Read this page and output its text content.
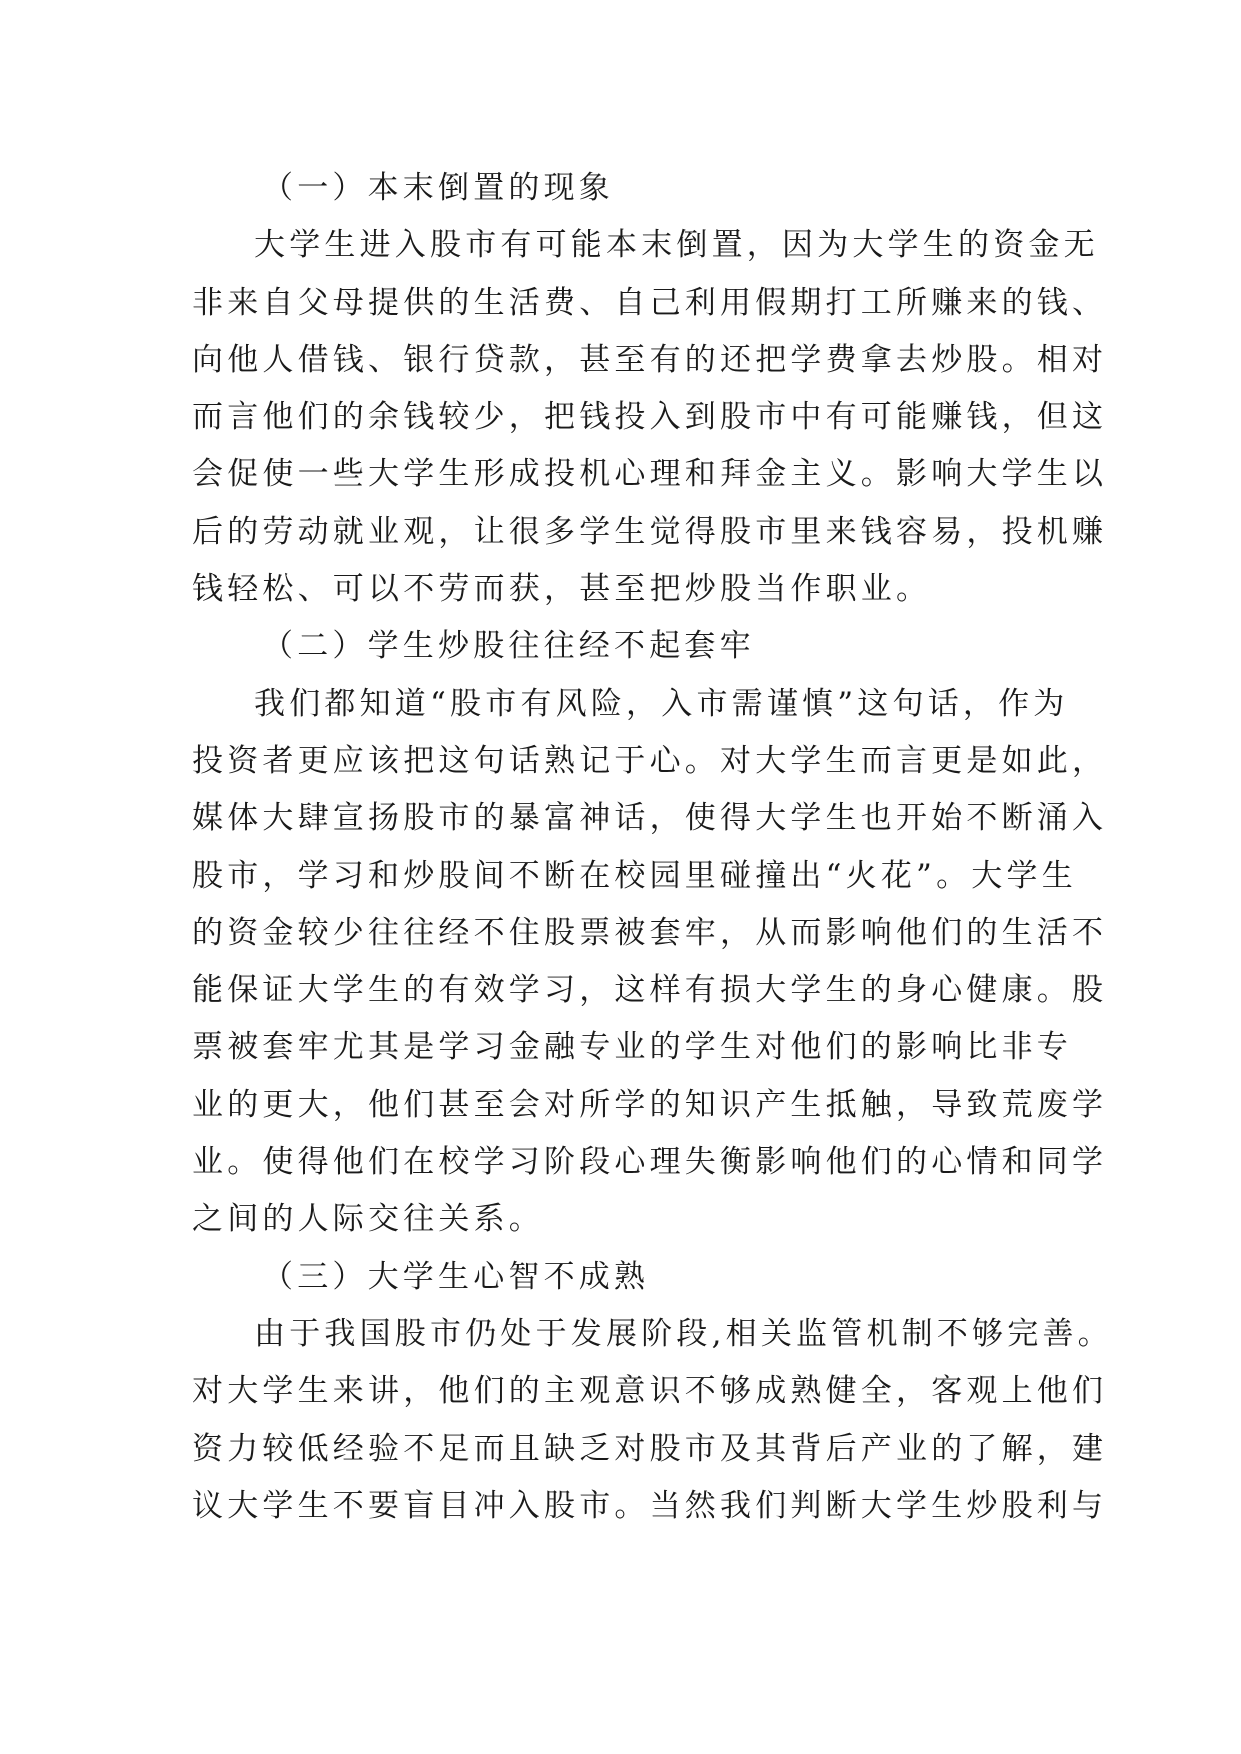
（一）本末倒置的现象
大学生进入股市有可能本末倒置，因为大学生的资金无
非来自父母提供的生活费、自己利用假期打工所赚来的钱、
向他人借钱、银行贷款，甚至有的还把学费拿去炒股。相对
而言他们的余钱较少，把钱投入到股市中有可能赚钱，但这
会促使一些大学生形成投机心理和拜金主义。影响大学生以
后的劳动就业观，让很多学生觉得股市里来钱容易，投机赚
钱轻松、可以不劳而获，甚至把炒股当作职业。
（二）学生炒股往往经不起套牢
我们都知道“股市有风险，入市需谨慎”这句话，作为
投资者更应该把这句话熟记于心。对大学生而言更是如此，
媒体大肆宣扬股市的暴富神话，使得大学生也开始不断涌入
股市，学习和炒股间不断在校园里碰撞出“火花”。大学生
的资金较少往往经不住股票被套牢，从而影响他们的生活不
能保证大学生的有效学习，这样有损大学生的身心健康。股
票被套牢尤其是学习金融专业的学生对他们的影响比非专
业的更大，他们甚至会对所学的知识产生抵触，导致荒废学
业。使得他们在校学习阶段心理失衡影响他们的心情和同学
之间的人际交往关系。
（三）大学生心智不成熟
由于我国股市仍处于发展阶段,相关监管机制不够完善。
对大学生来讲，他们的主观意识不够成熟健全，客观上他们
资力较低经验不足而且缺乏对股市及其背后产业的了解，建
议大学生不要盲目冲入股市。当然我们判断大学生炒股利与
